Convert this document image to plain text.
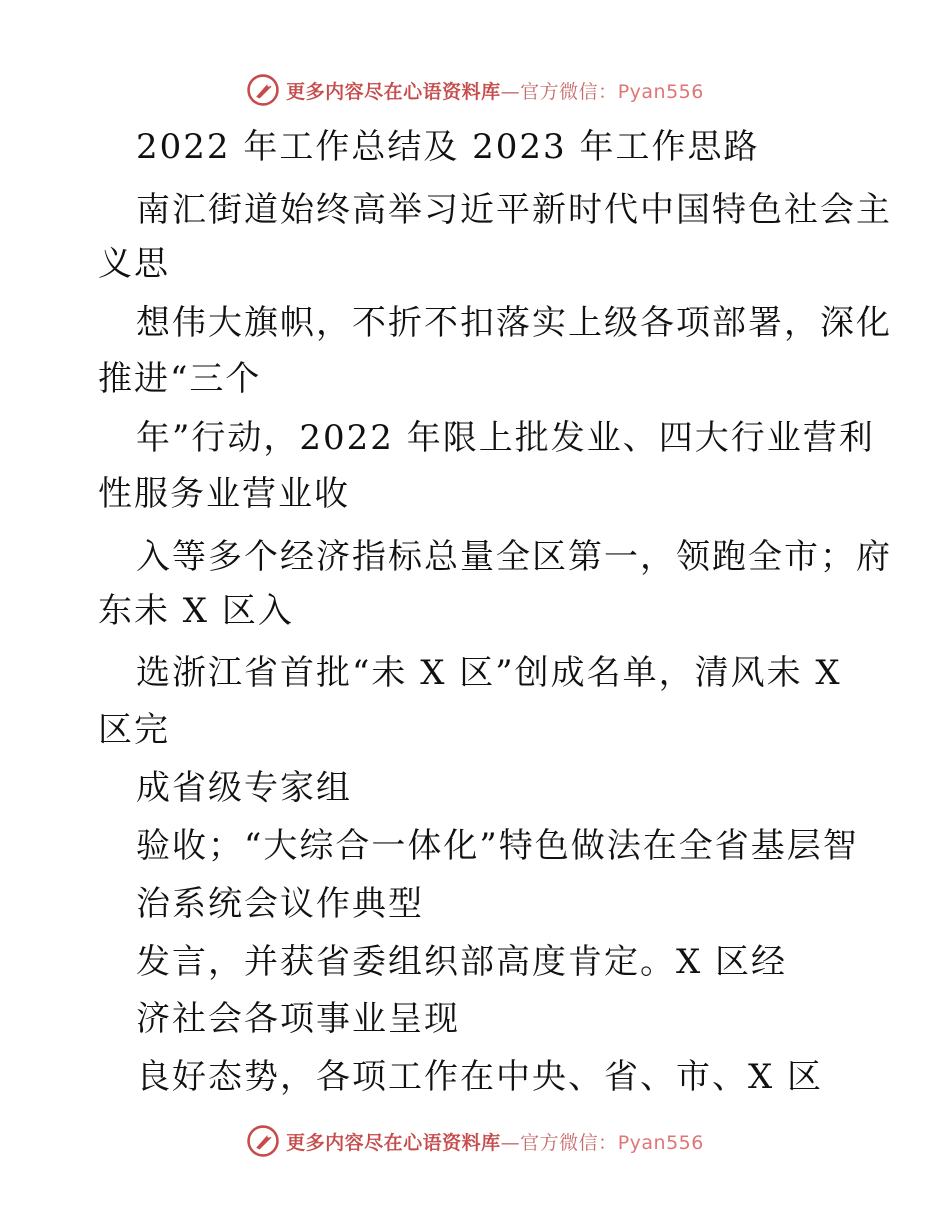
更多内容尽在心语资料库—官方微信：Pyan556
2022 年工作总结及 2023 年工作思路
南汇街道始终高举习近平新时代中国特色社会主
义思
想伟大旗帜，不折不扣落实上级各项部署，深化
推进“三个
年”行动，2022 年限上批发业、四大行业营利
性服务业营业收
入等多个经济指标总量全区第一，领跑全市；府
东未 X 区入
选浙江省首批“未 X 区”创成名单，清风未 X
区完
成省级专家组
验收；“大综合一体化”特色做法在全省基层智
治系统会议作典型
发言，并获省委组织部高度肯定。X 区经
济社会各项事业呈现
良好态势，各项工作在中央、省、市、X 区
更多内容尽在心语资料库—官方微信：Pyan556
